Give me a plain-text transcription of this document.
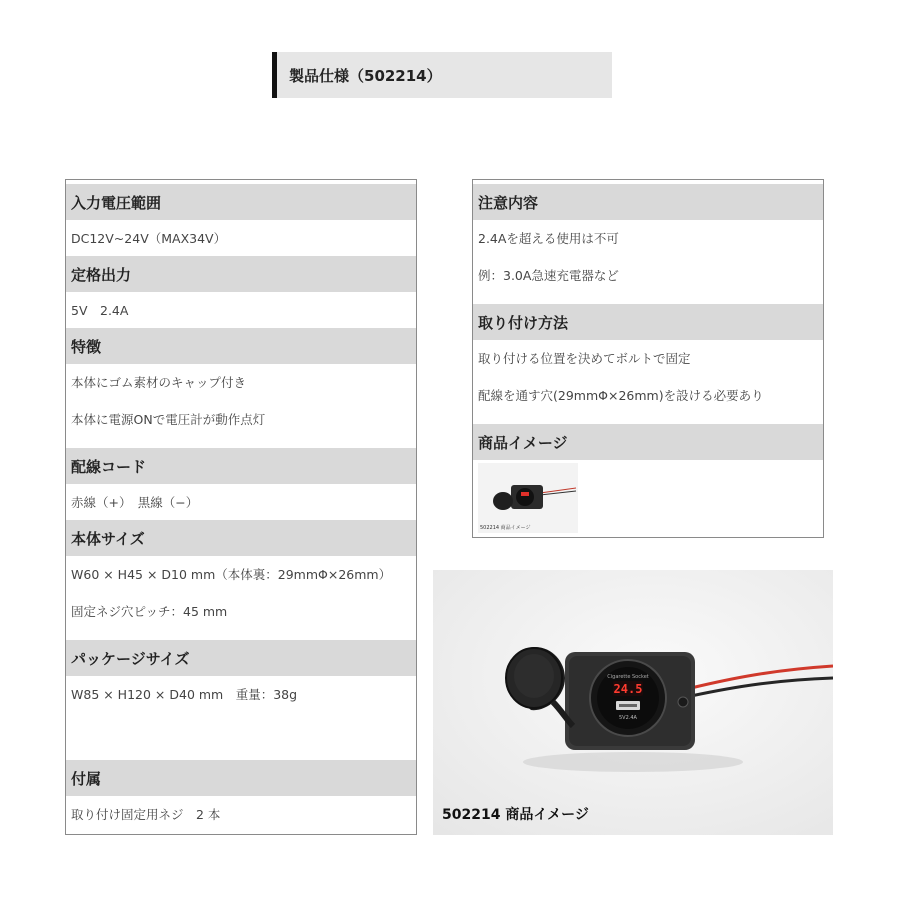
製品仕様（502214）
入力電圧範囲
DC12V~24V（MAX34V）
定格出力
5V　2.4A
特徴
本体にゴム素材のキャップ付き
本体に電源ONで電圧計が動作点灯
配線コード
赤線（+）　黒線（−）
本体サイズ
W60 × H45 × D10 mm（本体裏：29mmΦ×26mm）
固定ネジ穴ピッチ：45 mm
パッケージサイズ
W85 × H120 × D40 mm　重量：38g
付属
取り付け固定用ネジ　2 本
注意内容
2.4Aを超える使用は不可
例：3.0A急速充電器など
取り付け方法
取り付ける位置を決めてボルトで固定
配線を通す穴(29mmΦ×26mm)を設ける必要あり
商品イメージ
502214 商品イメージ
Cigarette Socket
24.5
5V2.4A
502214 商品イメージ
